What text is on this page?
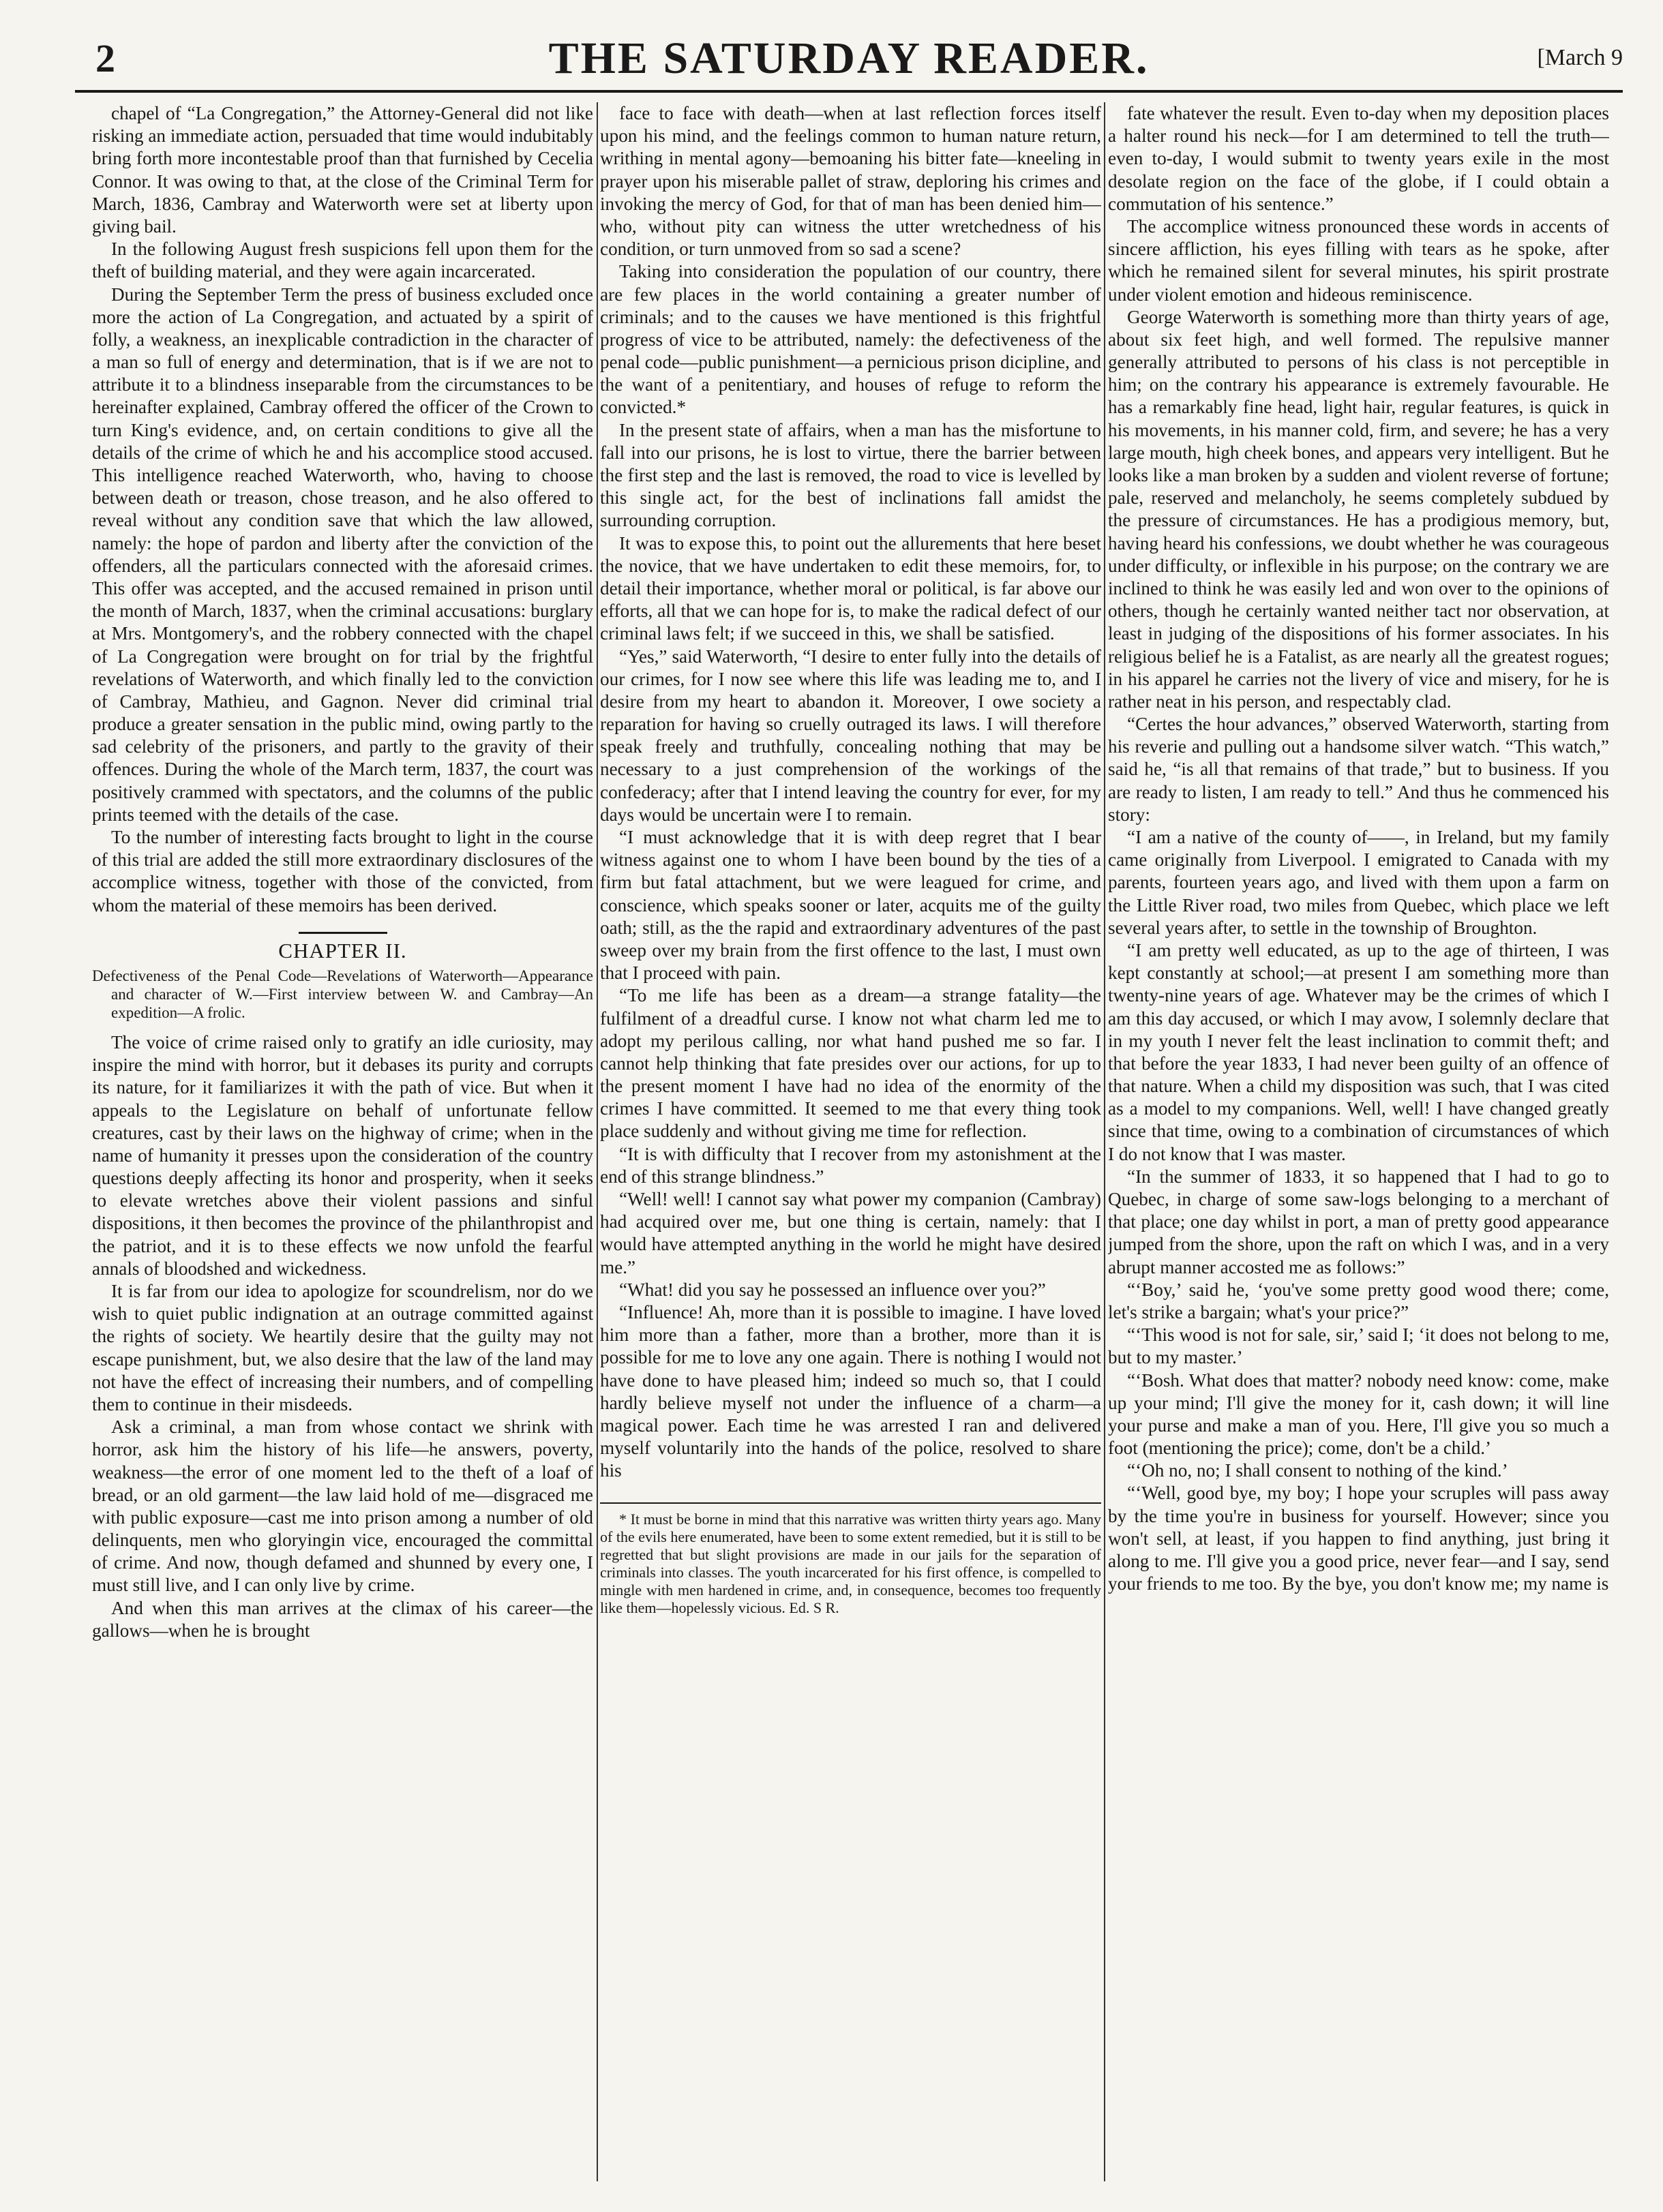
2	THE SATURDAY READER.	[March 9

chapel of “La Congregation,” the Attorney-General did not like risking an immediate action, persuaded that time would indubitably bring forth more incontestable proof than that furnished by Cecelia Connor. It was owing to that, at the close of the Criminal Term for March, 1836, Cambray and Waterworth were set at liberty upon giving bail.

In the following August fresh suspicions fell upon them for the theft of building material, and they were again incarcerated.

During the September Term the press of business excluded once more the action of La Congregation, and actuated by a spirit of folly, a weakness, an inexplicable contradiction in the character of a man so full of energy and determination, that is if we are not to attribute it to a blindness inseparable from the circumstances to be hereinafter explained, Cambray offered the officer of the Crown to turn King's evidence, and, on certain conditions to give all the details of the crime of which he and his accomplice stood accused. This intelligence reached Waterworth, who, having to choose between death or treason, chose treason, and he also offered to reveal without any condition save that which the law allowed, namely: the hope of pardon and liberty after the conviction of the offenders, all the particulars connected with the aforesaid crimes. This offer was accepted, and the accused remained in prison until the month of March, 1837, when the criminal accusations: burglary at Mrs. Montgomery's, and the robbery connected with the chapel of La Congregation were brought on for trial by the frightful revelations of Waterworth, and which finally led to the conviction of Cambray, Mathieu, and Gagnon. Never did criminal trial produce a greater sensation in the public mind, owing partly to the sad celebrity of the prisoners, and partly to the gravity of their offences. During the whole of the March term, 1837, the court was positively crammed with spectators, and the columns of the public prints teemed with the details of the case.

To the number of interesting facts brought to light in the course of this trial are added the still more extraordinary disclosures of the accomplice witness, together with those of the convicted, from whom the material of these memoirs has been derived.

CHAPTER II.
Defectiveness of the Penal Code—Revelations of Waterworth—Appearance and character of W.—First interview between W. and Cambray—An expedition—A frolic.

The voice of crime raised only to gratify an idle curiosity, may inspire the mind with horror, but it debases its purity and corrupts its nature, for it familiarizes it with the path of vice. But when it appeals to the Legislature on behalf of unfortunate fellow creatures, cast by their laws on the highway of crime; when in the name of humanity it presses upon the consideration of the country questions deeply affecting its honor and prosperity, when it seeks to elevate wretches above their violent passions and sinful dispositions, it then becomes the province of the philanthropist and the patriot, and it is to these effects we now unfold the fearful annals of bloodshed and wickedness.

It is far from our idea to apologize for scoundrelism, nor do we wish to quiet public indignation at an outrage committed against the rights of society. We heartily desire that the guilty may not escape punishment, but, we also desire that the law of the land may not have the effect of increasing their numbers, and of compelling them to continue in their misdeeds.

Ask a criminal, a man from whose contact we shrink with horror, ask him the history of his life—he answers, poverty, weakness—the error of one moment led to the theft of a loaf of bread, or an old garment—the law laid hold of me—disgraced me with public exposure—cast me into prison among a number of old delinquents, men who gloryingin vice, encouraged the committal of crime. And now, though defamed and shunned by every one, I must still live, and I can only live by crime.

And when this man arrives at the climax of his career—the gallows—when he is brought

face to face with death—when at last reflection forces itself upon his mind, and the feelings common to human nature return, writhing in mental agony—bemoaning his bitter fate—kneeling in prayer upon his miserable pallet of straw, deploring his crimes and invoking the mercy of God, for that of man has been denied him—who, without pity can witness the utter wretchedness of his condition, or turn unmoved from so sad a scene?

Taking into consideration the population of our country, there are few places in the world containing a greater number of criminals; and to the causes we have mentioned is this frightful progress of vice to be attributed, namely: the defectiveness of the penal code—public punishment—a pernicious prison dicipline, and the want of a penitentiary, and houses of refuge to reform the convicted.*

In the present state of affairs, when a man has the misfortune to fall into our prisons, he is lost to virtue, there the barrier between the first step and the last is removed, the road to vice is levelled by this single act, for the best of inclinations fall amidst the surrounding corruption.

It was to expose this, to point out the allurements that here beset the novice, that we have undertaken to edit these memoirs, for, to detail their importance, whether moral or political, is far above our efforts, all that we can hope for is, to make the radical defect of our criminal laws felt; if we succeed in this, we shall be satisfied.

“Yes,” said Waterworth, “I desire to enter fully into the details of our crimes, for I now see where this life was leading me to, and I desire from my heart to abandon it. Moreover, I owe society a reparation for having so cruelly outraged its laws. I will therefore speak freely and truthfully, concealing nothing that may be necessary to a just comprehension of the workings of the confederacy; after that I intend leaving the country for ever, for my days would be uncertain were I to remain.

“I must acknowledge that it is with deep regret that I bear witness against one to whom I have been bound by the ties of a firm but fatal attachment, but we were leagued for crime, and conscience, which speaks sooner or later, acquits me of the guilty oath; still, as the the rapid and extraordinary adventures of the past sweep over my brain from the first offence to the last, I must own that I proceed with pain.

“To me life has been as a dream—a strange fatality—the fulfilment of a dreadful curse. I know not what charm led me to adopt my perilous calling, nor what hand pushed me so far. I cannot help thinking that fate presides over our actions, for up to the present moment I have had no idea of the enormity of the crimes I have committed. It seemed to me that every thing took place suddenly and without giving me time for reflection.

“It is with difficulty that I recover from my astonishment at the end of this strange blindness.”

“Well! well! I cannot say what power my companion (Cambray) had acquired over me, but one thing is certain, namely: that I would have attempted anything in the world he might have desired me.”

“What! did you say he possessed an influence over you?”

“Influence! Ah, more than it is possible to imagine. I have loved him more than a father, more than a brother, more than it is possible for me to love any one again. There is nothing I would not have done to have pleased him; indeed so much so, that I could hardly believe myself not under the influence of a charm—a magical power. Each time he was arrested I ran and delivered myself voluntarily into the hands of the police, resolved to share his

* It must be borne in mind that this narrative was written thirty years ago. Many of the evils here enumerated, have been to some extent remedied, but it is still to be regretted that but slight provisions are made in our jails for the separation of criminals into classes. The youth incarcerated for his first offence, is compelled to mingle with men hardened in crime, and, in consequence, becomes too frequently like them—hopelessly vicious. Ed. S R.

fate whatever the result. Even to-day when my deposition places a halter round his neck—for I am determined to tell the truth—even to-day, I would submit to twenty years exile in the most desolate region on the face of the globe, if I could obtain a commutation of his sentence.”

The accomplice witness pronounced these words in accents of sincere affliction, his eyes filling with tears as he spoke, after which he remained silent for several minutes, his spirit prostrate under violent emotion and hideous reminiscence.

George Waterworth is something more than thirty years of age, about six feet high, and well formed. The repulsive manner generally attributed to persons of his class is not perceptible in him; on the contrary his appearance is extremely favourable. He has a remarkably fine head, light hair, regular features, is quick in his movements, in his manner cold, firm, and severe; he has a very large mouth, high cheek bones, and appears very intelligent. But he looks like a man broken by a sudden and violent reverse of fortune; pale, reserved and melancholy, he seems completely subdued by the pressure of circumstances. He has a prodigious memory, but, having heard his confessions, we doubt whether he was courageous under difficulty, or inflexible in his purpose; on the contrary we are inclined to think he was easily led and won over to the opinions of others, though he certainly wanted neither tact nor observation, at least in judging of the dispositions of his former associates. In his religious belief he is a Fatalist, as are nearly all the greatest rogues; in his apparel he carries not the livery of vice and misery, for he is rather neat in his person, and respectably clad.

“Certes the hour advances,” observed Waterworth, starting from his reverie and pulling out a handsome silver watch. “This watch,” said he, “is all that remains of that trade,” but to business. If you are ready to listen, I am ready to tell.” And thus he commenced his story:

“I am a native of the county of——, in Ireland, but my family came originally from Liverpool. I emigrated to Canada with my parents, fourteen years ago, and lived with them upon a farm on the Little River road, two miles from Quebec, which place we left several years after, to settle in the township of Broughton.

“I am pretty well educated, as up to the age of thirteen, I was kept constantly at school;—at present I am something more than twenty-nine years of age. Whatever may be the crimes of which I am this day accused, or which I may avow, I solemnly declare that in my youth I never felt the least inclination to commit theft; and that before the year 1833, I had never been guilty of an offence of that nature. When a child my disposition was such, that I was cited as a model to my companions. Well, well! I have changed greatly since that time, owing to a combination of circumstances of which I do not know that I was master.

“In the summer of 1833, it so happened that I had to go to Quebec, in charge of some saw-logs belonging to a merchant of that place; one day whilst in port, a man of pretty good appearance jumped from the shore, upon the raft on which I was, and in a very abrupt manner accosted me as follows:”

“‘Boy,’ said he, ‘you've some pretty good wood there; come, let's strike a bargain; what's your price?”

“‘This wood is not for sale, sir,’ said I; ‘it does not belong to me, but to my master.’

“‘Bosh. What does that matter? nobody need know: come, make up your mind; I'll give the money for it, cash down; it will line your purse and make a man of you. Here, I'll give you so much a foot (mentioning the price); come, don't be a child.’

“‘Oh no, no; I shall consent to nothing of the kind.’

“‘Well, good bye, my boy; I hope your scruples will pass away by the time you're in business for yourself. However; since you won't sell, at least, if you happen to find anything, just bring it along to me. I'll give you a good price, never fear—and I say, send your friends to me too. By the bye, you don't know me; my name is
